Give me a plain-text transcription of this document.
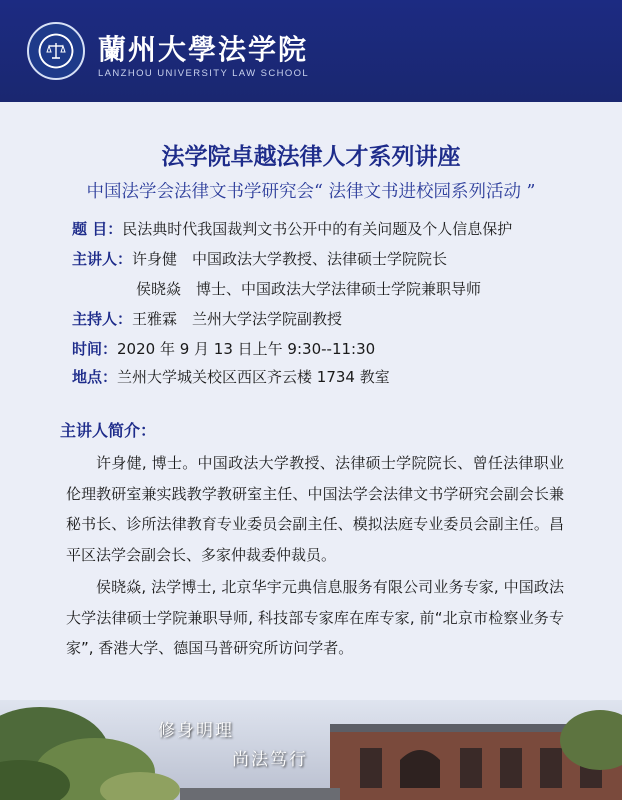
蘭州大學法学院
LANZHOU UNIVERSITY LAW SCHOOL
法学院卓越法律人才系列讲座
中国法学会法律文书学研究会“ 法律文书进校园系列活动 ”
题 目：民法典时代我国裁判文书公开中的有关问题及个人信息保护
主讲人：许身健　中国政法大学教授、法律硕士学院院长
侯晓焱　博士、中国政法大学法律硕士学院兼职导师
主持人：王雅霖　兰州大学法学院副教授
时间：2020 年 9 月 13 日上午 9:30--11:30
地点：兰州大学城关校区西区齐云楼 1734 教室
主讲人简介：
许身健, 博士。中国政法大学教授、法律硕士学院院长、曾任法律职业伦理教研室兼实践教学教研室主任、中国法学会法律文书学研究会副会长兼秘书长、诊所法律教育专业委员会副主任、模拟法庭专业委员会副主任。昌平区法学会副会长、多家仲裁委仲裁员。
侯晓焱, 法学博士, 北京华宇元典信息服务有限公司业务专家, 中国政法大学法律硕士学院兼职导师, 科技部专家库在库专家, 前“北京市检察业务专家”, 香港大学、德国马普研究所访问学者。
修身明理
尚法笃行
